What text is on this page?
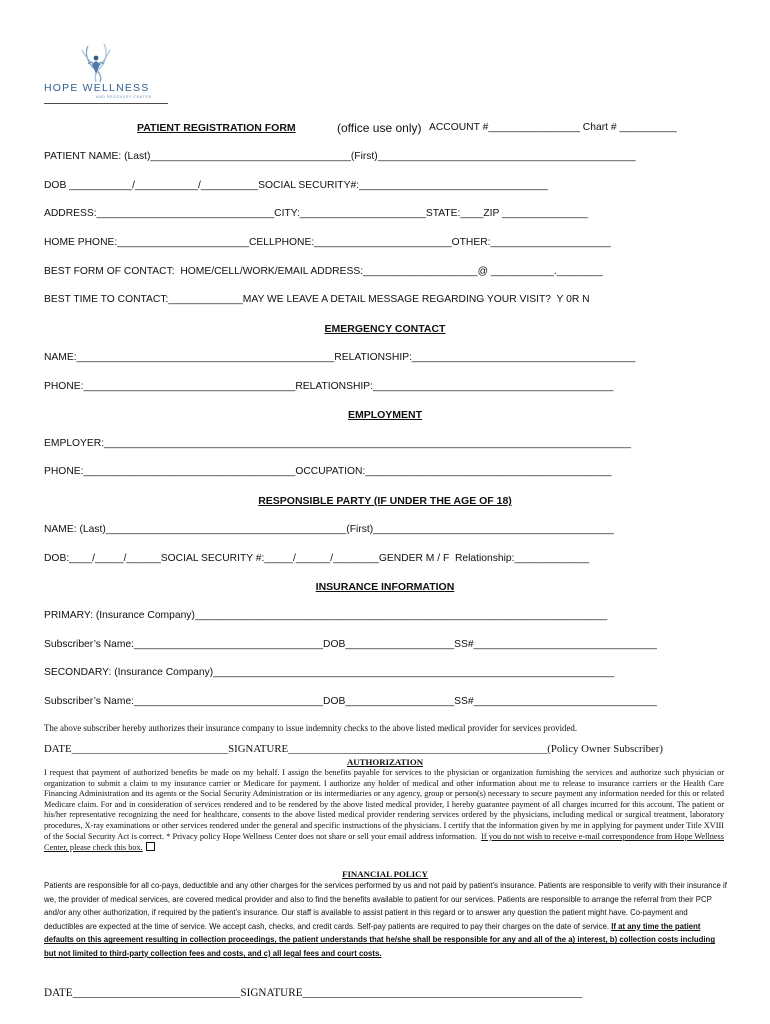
HOPE WELLNESS
AND RECOVERY CENTER
PATIENT REGISTRATION FORM	(office use only) ACCOUNT #________________ Chart # __________
PATIENT NAME: (Last)___________________________________(First)_____________________________________________
DOB ___________/___________/__________SOCIAL SECURITY#:_________________________________
ADDRESS:_______________________________CITY:______________________STATE:____ZIP _______________
HOME PHONE:_______________________CELLPHONE:________________________OTHER:_____________________
BEST FORM OF CONTACT:  HOME/CELL/WORK/EMAIL ADDRESS:____________________@ ___________.________
BEST TIME TO CONTACT:_____________MAY WE LEAVE A DETAIL MESSAGE REGARDING YOUR VISIT?  Y 0R N
EMERGENCY CONTACT
NAME:_____________________________________________RELATIONSHIP:_______________________________________
PHONE:_____________________________________RELATIONSHIP:__________________________________________
EMPLOYMENT
EMPLOYER:____________________________________________________________________________________________
PHONE:_____________________________________OCCUPATION:___________________________________________
RESPONSIBLE PARTY (IF UNDER THE AGE OF 18)
NAME: (Last)__________________________________________(First)__________________________________________
DOB:____/_____/______SOCIAL SECURITY #:_____/______/________GENDER M / F  Relationship:_____________
INSURANCE INFORMATION
PRIMARY: (Insurance Company)________________________________________________________________________
Subscriber’s Name:_________________________________DOB___________________SS#________________________________
SECONDARY: (Insurance Company)______________________________________________________________________
Subscriber’s Name:_________________________________DOB___________________SS#________________________________
The above subscriber hereby authorizes their insurance company to issue indemnity checks to the above listed medical provider for services provided.
DATE_____________________________SIGNATURE________________________________________________(Policy Owner Subscriber)
AUTHORIZATION
I request that payment of authorized benefits be made on my behalf. I assign the benefits payable for services to the physician or organization furnishing the services and authorize such physician or organization to submit a claim to my insurance carrier or Medicare for payment. I authorize any holder of medical and other information about me to release to insurance carriers or the Health Care Financing Administration and its agents or the Social Security Administration or its intermediaries or any agency, group or person(s) necessary to secure payment any information needed for this or related Medicare claim. For and in consideration of services rendered and to be rendered by the above listed medical provider, I hereby guarantee payment of all charges incurred for this account. The patient or his/her representative recognizing the need for healthcare, consents to the above listed medical provider rendering services ordered by the physicians, including medical or surgical treatment, laboratory procedures, X-ray examinations or other services rendered under the general and specific instructions of the physicians. I certify that the information given by me in applying for payment under Title XVIII of the Social Security Act is correct. * Privacy policy Hope Wellness Center does not share or sell your email address information. If you do not wish to receive e-mail correspondence from Hope Wellness Center, please check this box.
FINANCIAL POLICY
Patients are responsible for all co-pays, deductible and any other charges for the services performed by us and not paid by patient’s insurance. Patients are responsible to verify with their insurance if we, the provider of medical services, are covered medical provider and also to find the benefits available to patient for our services. Patients are responsible to arrange the referral from their PCP and/or any other authorization, if required by the patient’s insurance. Our staff is available to assist patient in this regard or to answer any question the patient might have. Co-payment and deductibles are expected at the time of service. We accept cash, checks, and credit cards. Self-pay patients are required to pay their charges on the date of service. If at any time the patient defaults on this agreement resulting in collection proceedings, the patient understands that he/she shall be responsible for any and all of the a) interest, b) collection costs including but not limited to third-party collection fees and costs, and c) all legal fees and court costs.
DATE______________________________SIGNATURE__________________________________________________
